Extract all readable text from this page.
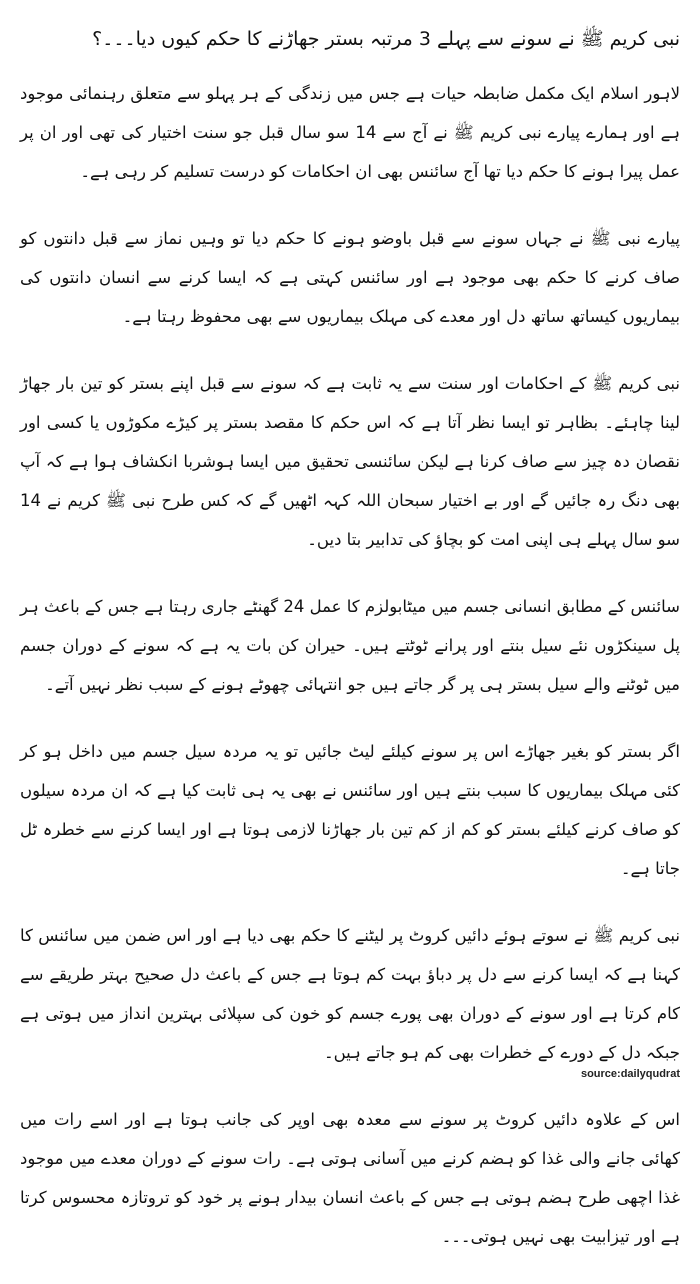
نبی کریم ﷺ نے سونے سے پہلے 3 مرتبہ بستر جھاڑنے کا حکم کیوں دیا۔۔۔؟

لاہور اسلام ایک مکمل ضابطہ حیات ہے جس میں زندگی کے ہر پہلو سے متعلق رہنمائی موجود ہے اور ہمارے پیارے نبی کریم ﷺ نے آج سے 14 سو سال قبل جو سنت اختیار کی تھی اور ان پر عمل پیرا ہونے کا حکم دیا تھا آج سائنس بھی ان احکامات کو درست تسلیم کر رہی ہے۔

پیارے نبی ﷺ نے جہاں سونے سے قبل باوضو ہونے کا حکم دیا تو وہیں نماز سے قبل دانتوں کو صاف کرنے کا حکم بھی موجود ہے اور سائنس کہتی ہے کہ ایسا کرنے سے انسان دانتوں کی بیماریوں کیساتھ ساتھ دل اور معدے کی مہلک بیماریوں سے بھی محفوظ رہتا ہے۔

نبی کریم ﷺ کے احکامات اور سنت سے یہ ثابت ہے کہ سونے سے قبل اپنے بستر کو تین بار جھاڑ لینا چاہئے۔ بظاہر تو ایسا نظر آتا ہے کہ اس حکم کا مقصد بستر پر کیڑے مکوڑوں یا کسی اور نقصان دہ چیز سے صاف کرنا ہے لیکن سائنسی تحقیق میں ایسا ہوشربا انکشاف ہوا ہے کہ آپ بھی دنگ رہ جائیں گے اور بے اختیار سبحان اللہ کہہ اٹھیں گے کہ کس طرح نبی ﷺ کریم نے 14 سو سال پہلے ہی اپنی امت کو بچاؤ کی تدابیر بتا دیں۔

سائنس کے مطابق انسانی جسم میں میٹابولزم کا عمل 24 گھنٹے جاری رہتا ہے جس کے باعث ہر پل سینکڑوں نئے سیل بنتے اور پرانے ٹوٹتے ہیں۔ حیران کن بات یہ ہے کہ سونے کے دوران جسم میں ٹوٹنے والے سیل بستر ہی پر گر جاتے ہیں جو انتہائی چھوٹے ہونے کے سبب نظر نہیں آتے۔

اگر بستر کو بغیر جھاڑے اس پر سونے کیلئے لیٹ جائیں تو یہ مردہ سیل جسم میں داخل ہو کر کئی مہلک بیماریوں کا سبب بنتے ہیں اور سائنس نے بھی یہ ہی ثابت کیا ہے کہ ان مردہ سیلوں کو صاف کرنے کیلئے بستر کو کم از کم تین بار جھاڑنا لازمی ہوتا ہے اور ایسا کرنے سے خطرہ ٹل جاتا ہے۔

نبی کریم ﷺ نے سوتے ہوئے دائیں کروٹ پر لیٹنے کا حکم بھی دیا ہے اور اس ضمن میں سائنس کا کہنا ہے کہ ایسا کرنے سے دل پر دباؤ بہت کم ہوتا ہے جس کے باعث دل صحیح بہتر طریقے سے کام کرتا ہے اور سونے کے دوران بھی پورے جسم کو خون کی سپلائی بہترین انداز میں ہوتی ہے جبکہ دل کے دورے کے خطرات بھی کم ہو جاتے ہیں۔

اس کے علاوہ دائیں کروٹ پر سونے سے معدہ بھی اوپر کی جانب ہوتا ہے اور اسے رات میں کھائی جانے والی غذا کو ہضم کرنے میں آسانی ہوتی ہے۔ رات سونے کے دوران معدے میں موجود غذا اچھی طرح ہضم ہوتی ہے جس کے باعث انسان بیدار ہونے پر خود کو تروتازہ محسوس کرتا ہے اور تیزابیت بھی نہیں ہوتی۔۔۔

source:dailyqudrat
